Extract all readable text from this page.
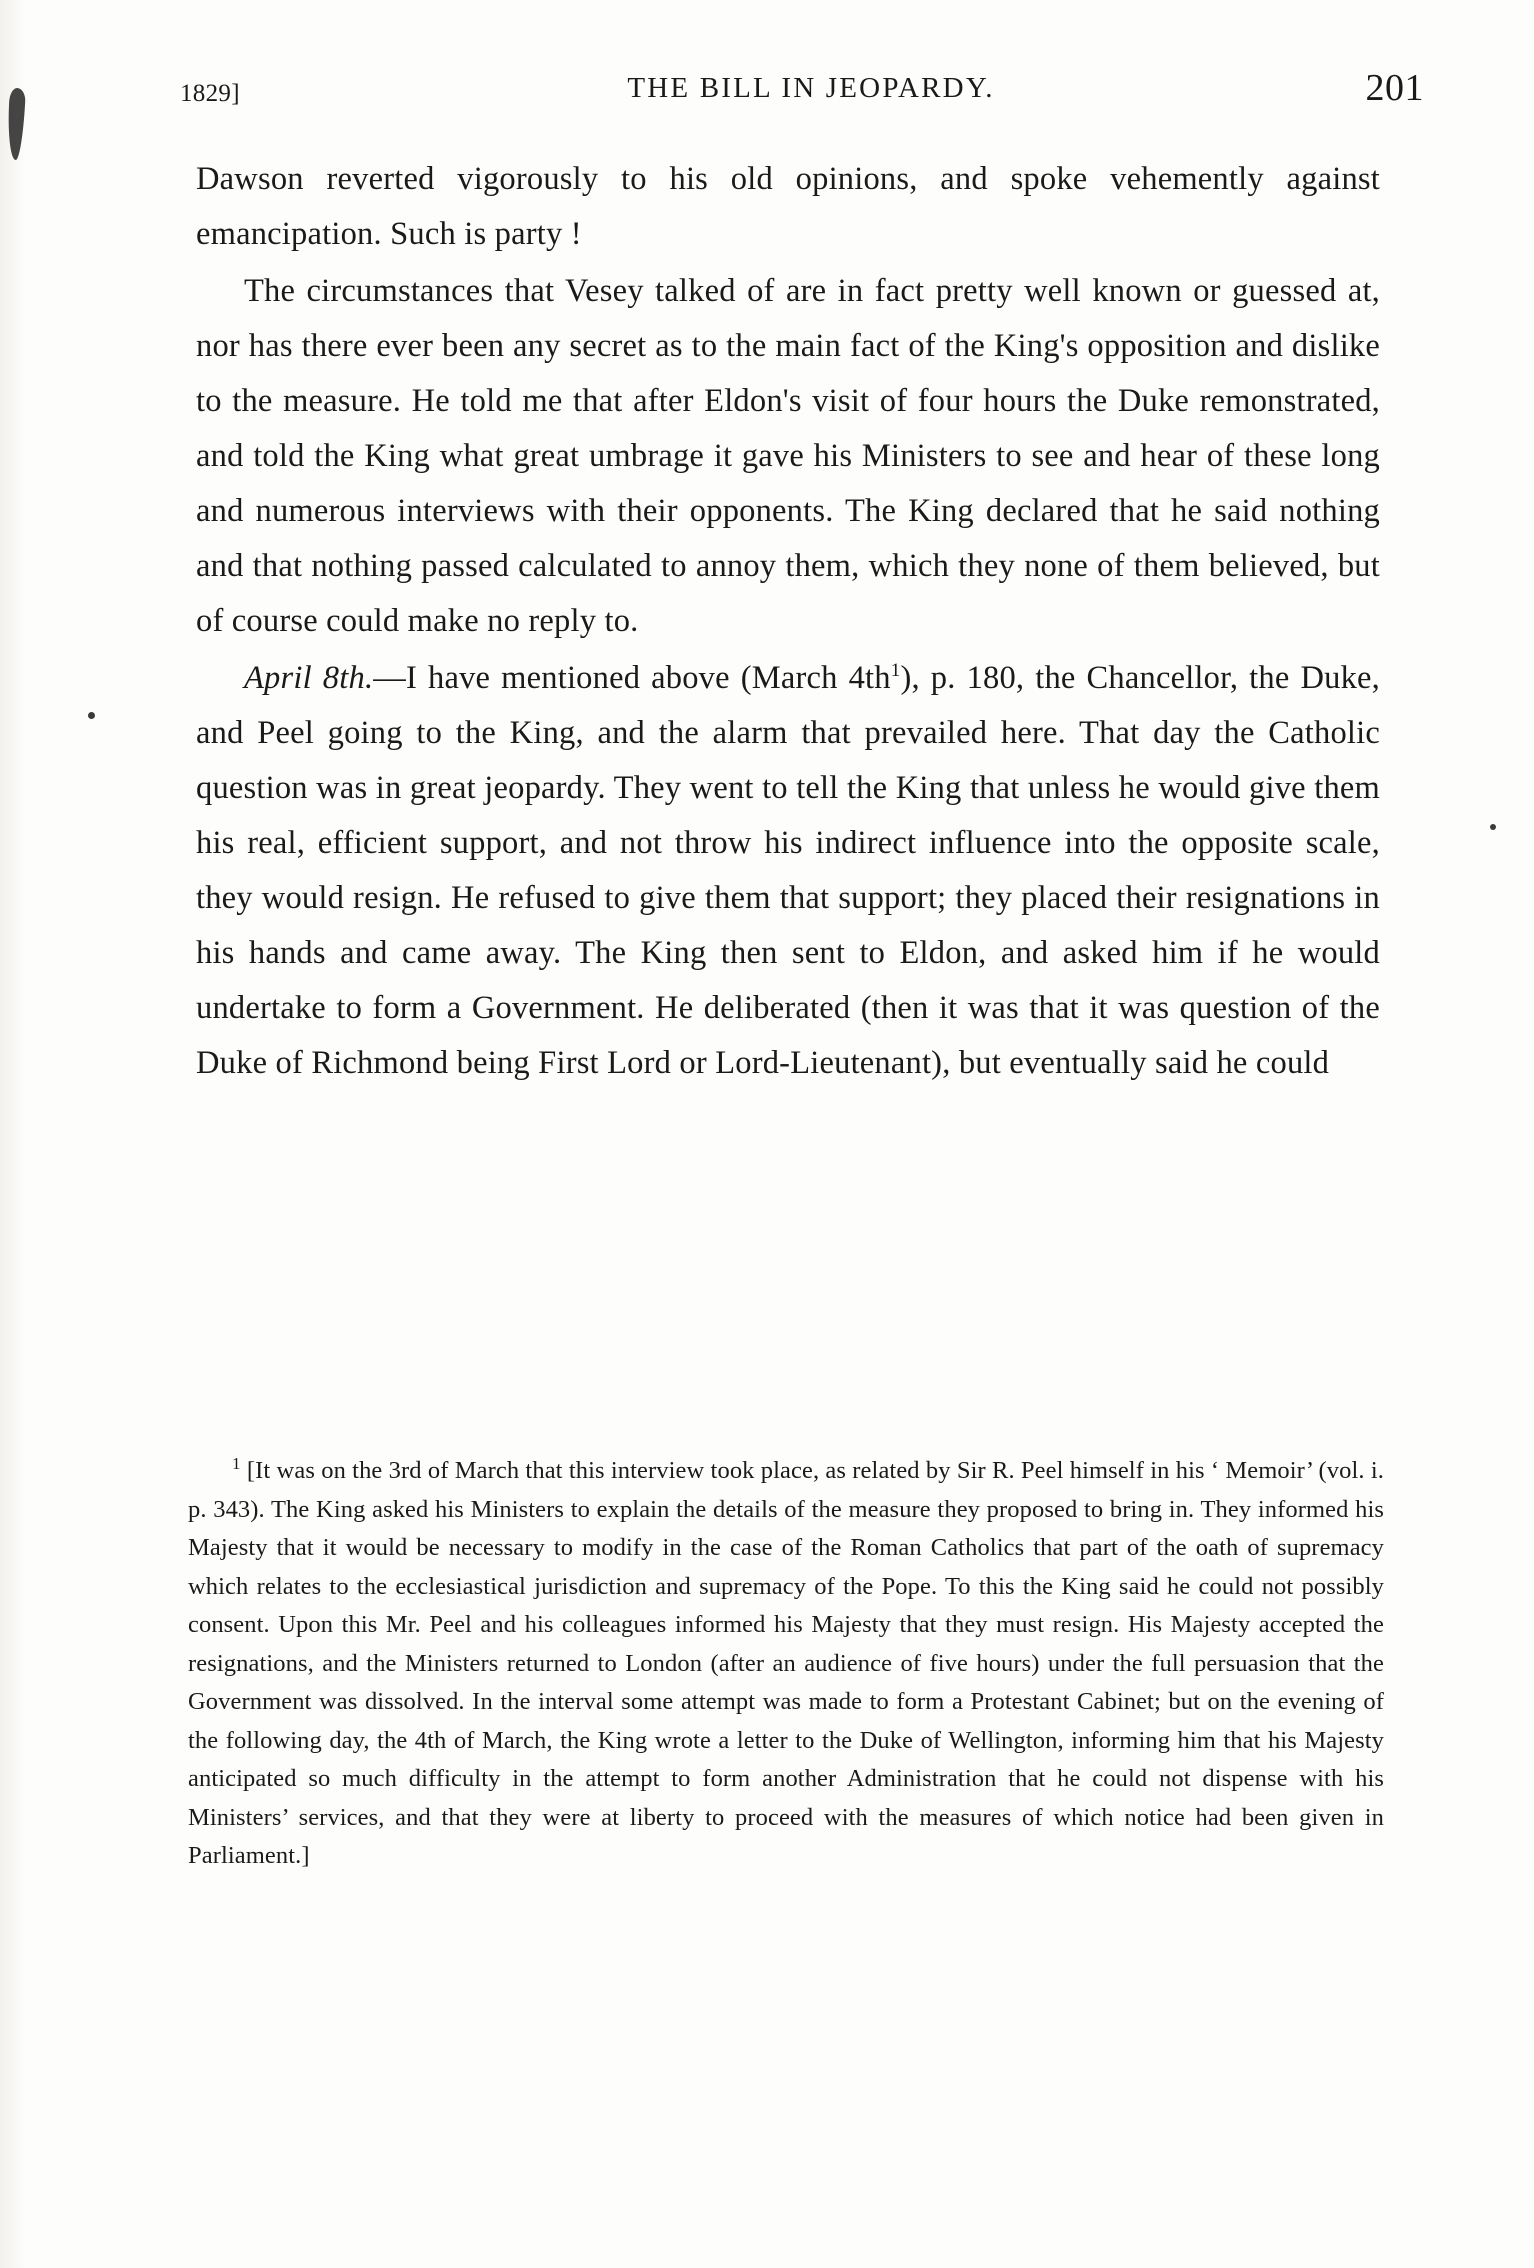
1829]	THE BILL IN JEOPARDY.	201

Dawson reverted vigorously to his old opinions, and spoke vehemently against emancipation. Such is party !

The circumstances that Vesey talked of are in fact pretty well known or guessed at, nor has there ever been any secret as to the main fact of the King's opposition and dislike to the measure. He told me that after Eldon's visit of four hours the Duke remonstrated, and told the King what great umbrage it gave his Ministers to see and hear of these long and numerous interviews with their opponents. The King declared that he said nothing and that nothing passed calculated to annoy them, which they none of them believed, but of course could make no reply to.

April 8th.—I have mentioned above (March 4th$^1$), p. 180, the Chancellor, the Duke, and Peel going to the King, and the alarm that prevailed here. That day the Catholic question was in great jeopardy. They went to tell the King that unless he would give them his real, efficient support, and not throw his indirect influence into the opposite scale, they would resign. He refused to give them that support; they placed their resignations in his hands and came away. The King then sent to Eldon, and asked him if he would undertake to form a Government. He deliberated (then it was that it was question of the Duke of Richmond being First Lord or Lord-Lieutenant), but eventually said he could

$^1$ [It was on the 3rd of March that this interview took place, as related by Sir R. Peel himself in his ‘ Memoir’ (vol. i. p. 343). The King asked his Ministers to explain the details of the measure they proposed to bring in. They informed his Majesty that it would be necessary to modify in the case of the Roman Catholics that part of the oath of supremacy which relates to the ecclesiastical jurisdiction and supremacy of the Pope. To this the King said he could not possibly consent. Upon this Mr. Peel and his colleagues informed his Majesty that they must resign. His Majesty accepted the resignations, and the Ministers returned to London (after an audience of five hours) under the full persuasion that the Government was dissolved. In the interval some attempt was made to form a Protestant Cabinet; but on the evening of the following day, the 4th of March, the King wrote a letter to the Duke of Wellington, informing him that his Majesty anticipated so much difficulty in the attempt to form another Administration that he could not dispense with his Ministers’ services, and that they were at liberty to proceed with the measures of which notice had been given in Parliament.]
